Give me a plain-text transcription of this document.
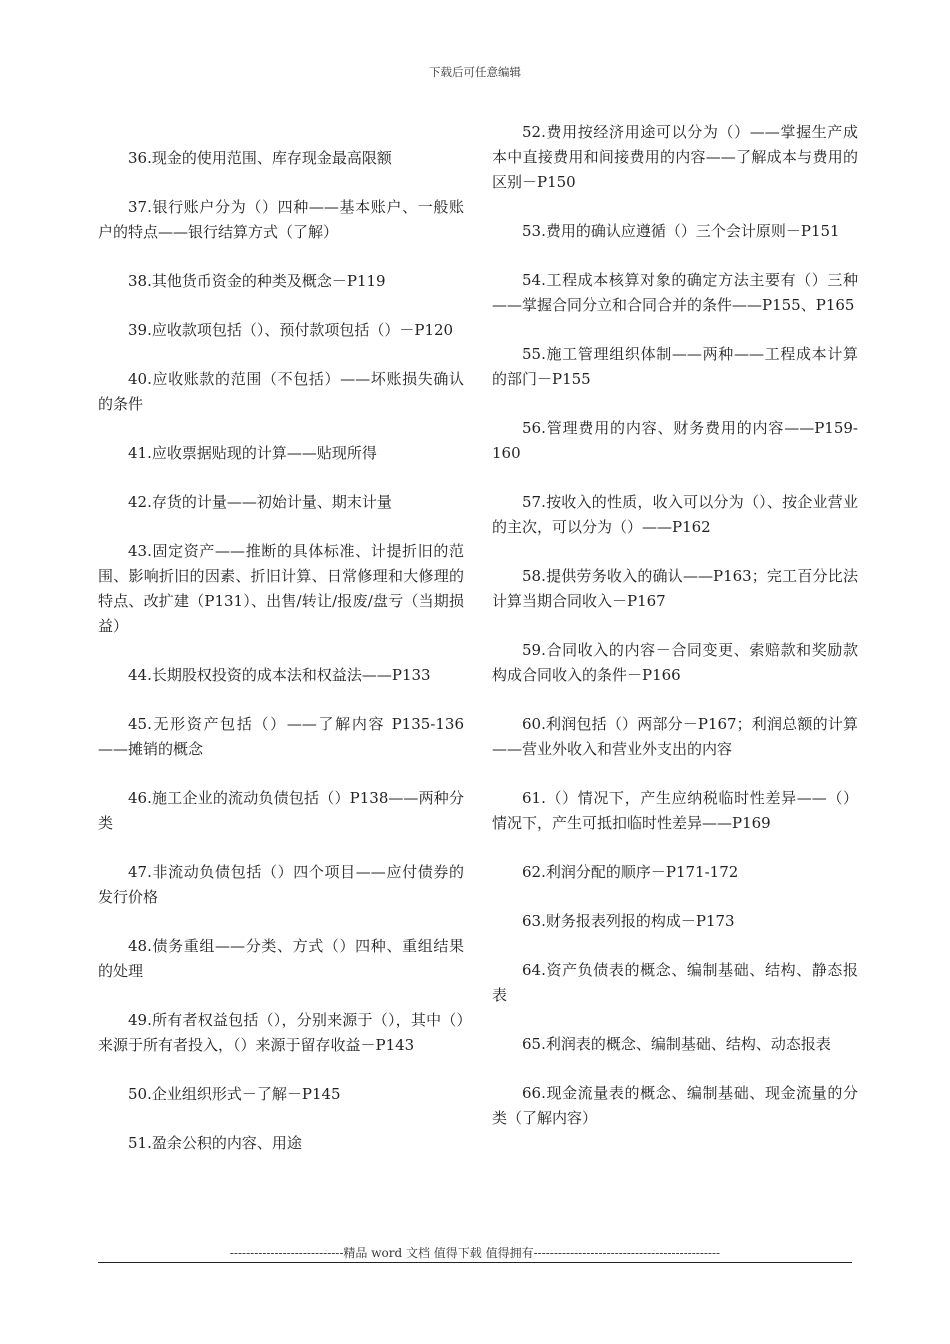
下载后可任意编辑

36.现金的使用范围、库存现金最高限额

37.银行账户分为（）四种——基本账户、一般账户的特点——银行结算方式（了解）

38.其他货币资金的种类及概念－P119

39.应收款项包括（）、预付款项包括（）－P120

40.应收账款的范围（不包括）——坏账损失确认的条件

41.应收票据贴现的计算——贴现所得

42.存货的计量——初始计量、期末计量

43.固定资产——推断的具体标准、计提折旧的范围、影响折旧的因素、折旧计算、日常修理和大修理的特点、改扩建（P131）、出售/转让/报废/盘亏（当期损益）

44.长期股权投资的成本法和权益法——P133

45.无形资产包括（）——了解内容 P135-136——摊销的概念

46.施工企业的流动负债包括（）P138——两种分类

47.非流动负债包括（）四个项目——应付债券的发行价格

48.债务重组——分类、方式（）四种、重组结果的处理

49.所有者权益包括（），分别来源于（），其中（）来源于所有者投入，（）来源于留存收益－P143

50.企业组织形式－了解－P145

51.盈余公积的内容、用途

52.费用按经济用途可以分为（）——掌握生产成本中直接费用和间接费用的内容——了解成本与费用的区别－P150

53.费用的确认应遵循（）三个会计原则－P151

54.工程成本核算对象的确定方法主要有（）三种——掌握合同分立和合同合并的条件——P155、P165

55.施工管理组织体制——两种——工程成本计算的部门－P155

56.管理费用的内容、财务费用的内容——P159-160

57.按收入的性质，收入可以分为（）、按企业营业的主次，可以分为（）——P162

58.提供劳务收入的确认——P163；完工百分比法计算当期合同收入－P167

59.合同收入的内容－合同变更、索赔款和奖励款构成合同收入的条件－P166

60.利润包括（）两部分－P167；利润总额的计算——营业外收入和营业外支出的内容

61.（）情况下，产生应纳税临时性差异——（）情况下，产生可抵扣临时性差异——P169

62.利润分配的顺序－P171-172

63.财务报表列报的构成－P173

64.资产负债表的概念、编制基础、结构、静态报表

65.利润表的概念、编制基础、结构、动态报表

66.现金流量表的概念、编制基础、现金流量的分类（了解内容）

----------------------------精品 word 文档 值得下载 值得拥有----------------------------------------------
